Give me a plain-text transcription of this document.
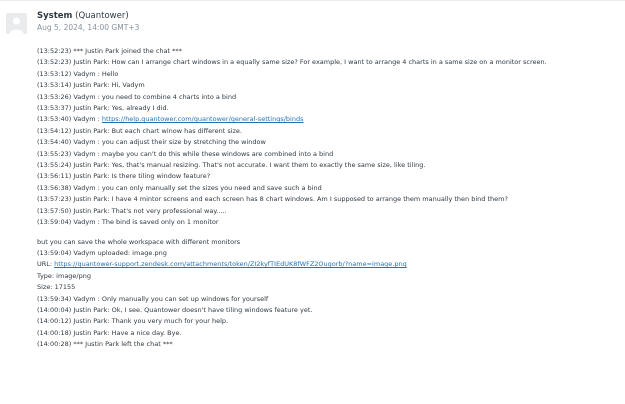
System (Quantower)
Aug 5, 2024, 14:00 GMT+3
(13:52:23) *** Justin Park joined the chat ***
(13:52:23) Justin Park: How can I arrange chart windows in a equally same size? For example, I want to arrange 4 charts in a same size on a monitor screen.
(13:53:12) Vadym : Hello
(13:53:14) Justin Park: Hi, Vadym
(13:53:26) Vadym : you need to combine 4 charts into a bind
(13:53:37) Justin Park: Yes, already I did.
(13:53:40) Vadym : https://help.quantower.com/quantower/general-settings/binds
(13:54:12) Justin Park: But each chart winow has different size.
(13:54:40) Vadym : you can adjust their size by stretching the window
(13:55:23) Vadym : maybe you can't do this while these windows are combined into a bind
(13:55:24) Justin Park: Yes, that's manual resizing. That's not accurate. I want them to exactly the same size, like tiling.
(13:56:11) Justin Park: Is there tiling window feature?
(13:56:38) Vadym : you can only manually set the sizes you need and save such a bind
(13:57:23) Justin Park: I have 4 mintor screens and each screen has 8 chart windows. Am I supposed to arrange them manually then bind them?
(13:57:50) Justin Park: That's not very professional way.....
(13:59:04) Vadym : The bind is saved only on 1 monitor
but you can save the whole workspace with different monitors
(13:59:04) Vadym uploaded: image.png
URL: https://quantower-support.zendesk.com/attachments/token/ZI2kyfTIEdUK8fWFZ2Ougorb/?name=image.png
Type: image/png
Size: 17155
(13:59:34) Vadym : Only manually you can set up windows for yourself
(14:00:04) Justin Park: Ok, I see. Quantower doesn't have tiling windows feature yet.
(14:00:12) Justin Park: Thank you very much for your help.
(14:00:18) Justin Park: Have a nice day. Bye.
(14:00:28) *** Justin Park left the chat ***
